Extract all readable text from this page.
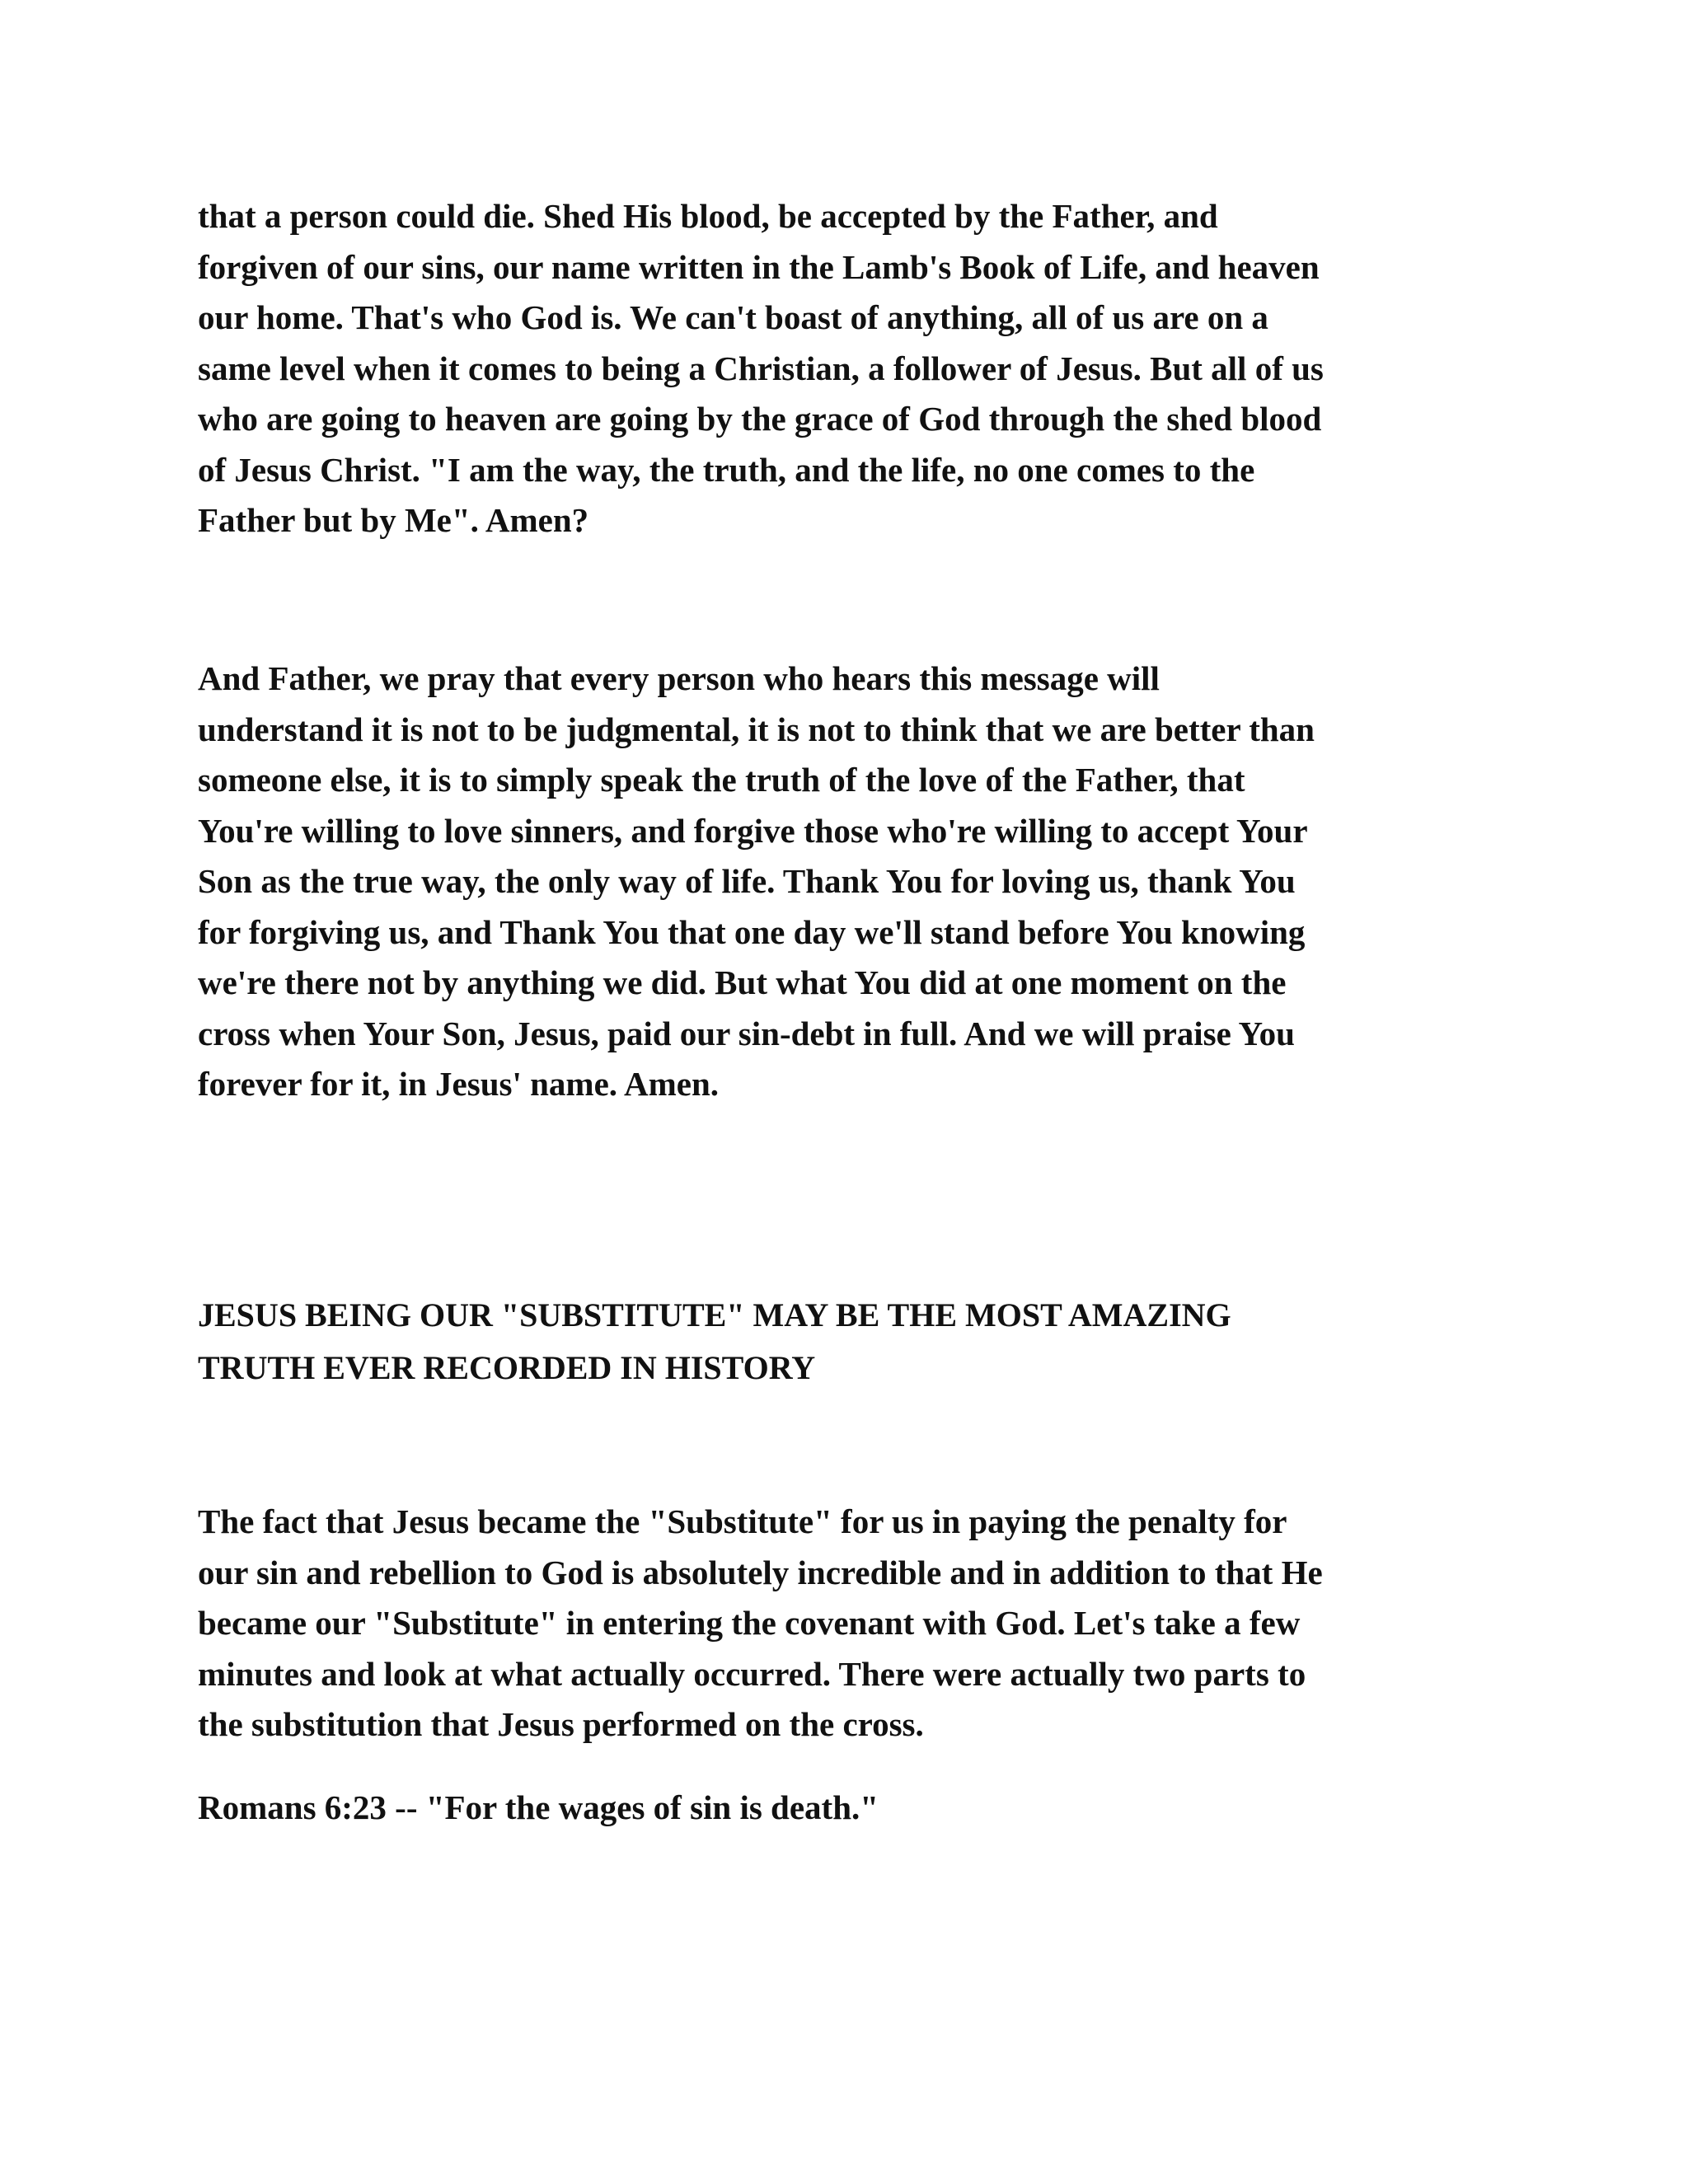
that a person could die. Shed His blood, be accepted by the Father, and
forgiven of our sins, our name written in the Lamb's Book of Life, and heaven
our home. That's who God is. We can't boast of anything, all of us are on a
same level when it comes to being a Christian, a follower of Jesus. But all of us
who are going to heaven are going by the grace of God through the shed blood
of Jesus Christ. "I am the way, the truth, and the life, no one comes to the
Father but by Me". Amen?
And Father, we pray that every person who hears this message will
understand it is not to be judgmental, it is not to think that we are better than
someone else, it is to simply speak the truth of the love of the Father, that
You're willing to love sinners, and forgive those who're willing to accept Your
Son as the true way, the only way of life. Thank You for loving us, thank You
for forgiving us, and Thank You that one day we'll stand before You knowing
we're there not by anything we did. But what You did at one moment on the
cross when Your Son, Jesus, paid our sin-debt in full. And we will praise You
forever for it, in Jesus' name. Amen.
JESUS BEING OUR "SUBSTITUTE" MAY BE THE MOST AMAZING
TRUTH EVER RECORDED IN HISTORY
The fact that Jesus became the "Substitute" for us in paying the penalty for
our sin and rebellion to God is absolutely incredible and in addition to that He
became our "Substitute" in entering the covenant with God. Let's take a few
minutes and look at what actually occurred. There were actually two parts to
the substitution that Jesus performed on the cross.
Romans 6:23 -- "For the wages of sin is death."
